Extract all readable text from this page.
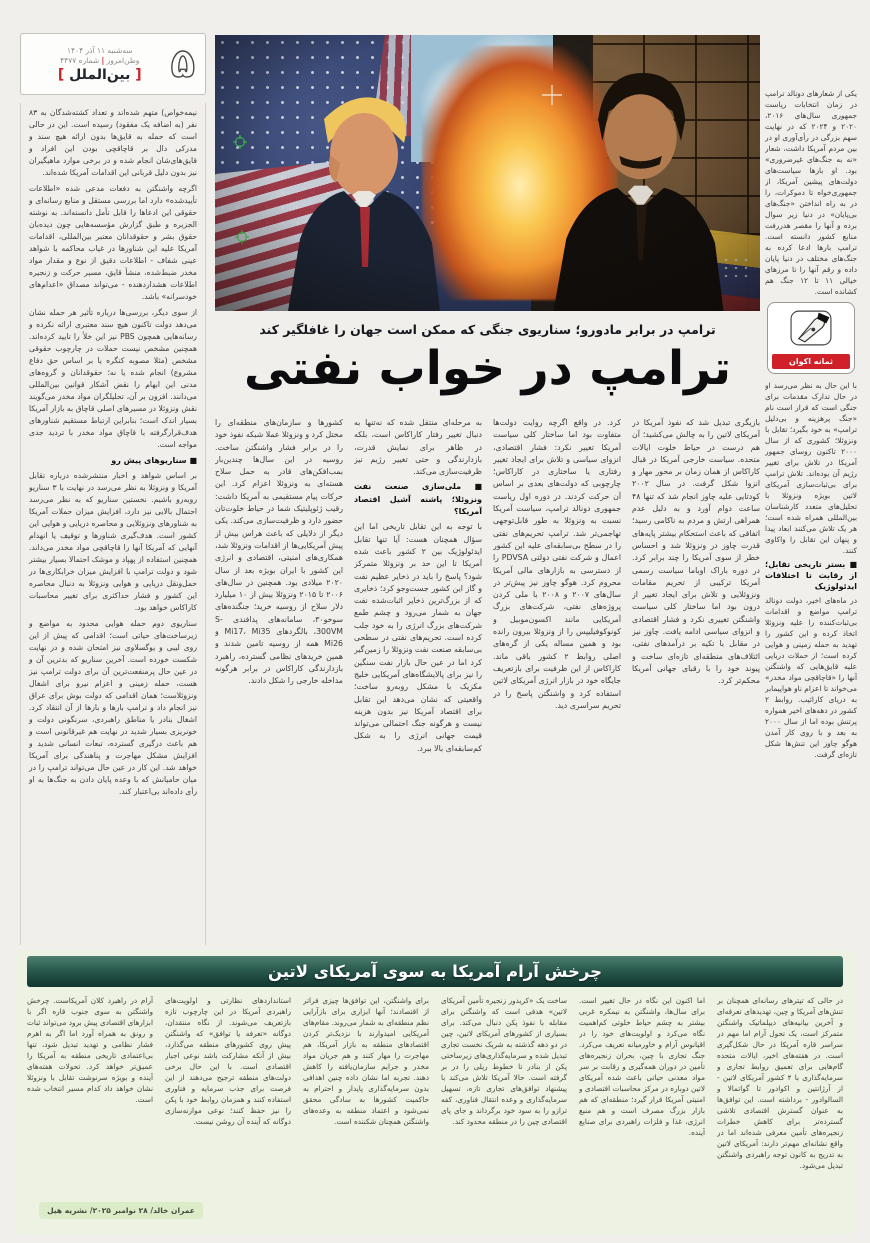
۵
سه‌شنبه ۱۱ آذر ۱۴۰۴
وطن‌امروز | شماره ۴۴۷۷
[ بین‌الملل ]

نیمه‌خواص) متهم شده‌اند و تعداد کشته‌شدگان به ۸۳ نفر (به اضافه یک مفقود) رسیده است. این در حالی است که حمله به قایق‌ها بدون ارائه هیچ سند و مدرکی دال بر قاچاقچی بودن این افراد و قایق‌های‌شان انجام شده و در برخی موارد ماهیگیران نیز بدون دلیل قربانی این اقدامات آمریکا شده‌اند.

اگرچه واشنگتن به دفعات مدعی شده «اطلاعات تأییدشده» دارد اما بررسی مستقل و منابع رسانه‌ای و حقوقی این ادعاها را قابل تأمل دانسته‌اند. به نوشته الجزیره و طبق گزارش مؤسسه‌هایی چون دیده‌بان حقوق بشر و حقوقدانان معتبر بین‌المللی، اقدامات آمریکا علیه این شناورها در غیاب محاکمه با شواهد عینی شفاف - اطلاعات دقیق از نوع و مقدار مواد مخدر ضبط‌شده، منشأ قایق، مسیر حرکت و زنجیره اطلاعات هشداردهنده - می‌تواند مصداق «اعدام‌های خودسرانه» باشد.

از سوی دیگر، بررسی‌ها درباره تأثیر هر حمله نشان می‌دهد دولت تاکنون هیچ سند معتبری ارائه نکرده و رسانه‌هایی همچون PBS نیز این خلأ را تایید کرده‌اند. همچنین مشخص نیست حملات در چارچوب حقوقی مشخص (مثلا مصوبه کنگره یا بر اساس حق دفاع مشروع) انجام شده یا نه؛ حقوقدانان و گروه‌های مدنی این ابهام را نقض آشکار قوانین بین‌المللی می‌دانند. افزون بر آن، تحلیلگران مواد مخدر می‌گویند نقش ونزوئلا در مسیرهای اصلی قاچاق به بازار آمریکا بسیار اندک است؛ بنابراین ارتباط مستقیم شناورهای هدف‌قرارگرفته با قاچاق مواد مخدر با تردید جدی مواجه است.

■ سناریوهای پیش رو

بر اساس شواهد و اخبار منتشرشده درباره تقابل آمریکا و ونزوئلا به نظر می‌رسد در نهایت با ۳ سناریو روبه‌رو باشیم. نخستین سناریو که به نظر می‌رسد احتمال بالایی نیز دارد، افزایش میزان حملات آمریکا به شناورهای ونزوئلایی و محاصره دریایی و هوایی این کشور است. هدف‌گیری شناورها و توقیف یا انهدام آنهایی که آمریکا آنها را قاچاقچی مواد مخدر می‌داند. همچنین استفاده از پهپاد و موشک احتمالا بسیار بیشتر شود و دولت ترامپ با افزایش میزان خرابکاری‌ها در حمل‌ونقل دریایی و هوایی ونزوئلا به دنبال محاصره این کشور و فشار حداکثری برای تغییر محاسبات کاراکاس خواهد بود.

سناریوی دوم حمله هوایی محدود به مواضع و زیرساخت‌های حیاتی است؛ اقدامی که پیش از این روی لیبی و یوگسلاوی نیز امتحان شده و در نهایت شکست خورده است. آخرین سناریو که بدترین آن و در عین حال پرمنفعت‌ترین آن برای دولت ترامپ نیز هست، حمله زمینی و اعزام نیرو برای اشغال ونزوئلاست؛ همان اقدامی که دولت بوش برای عراق نیز انجام داد و ترامپ بارها و بارها از آن انتقاد کرد. اشغال بنادر یا مناطق راهبردی، سرنگونی دولت و خونریزی بسیار شدید در نهایت هم غیرقانونی است و هم باعث درگیری گسترده، تبعات انسانی شدید و افزایش مشکل مهاجرت و پناهندگی برای آمریکا خواهد شد. این کار در عین حال می‌تواند ترامپ را در میان حامیانش که با وعده پایان دادن به جنگ‌ها به او رأی داده‌اند بی‌اعتبار کند.

ترامپ در برابر مادورو؛ سناریوی جنگی که ممکن است جهان را غافلگیر کند
ترامپ در خواب نفتی

یکی از شعارهای دونالد ترامپ در زمان انتخابات ریاست جمهوری سال‌های ۲۰۱۶، ۲۰۲۰ و ۲۰۲۴ که در نهایت سهم بزرگی در رأی‌آوری او در بین مردم آمریکا داشت، شعار «نه به جنگ‌های غیرضروری» بود. او بارها سیاست‌های دولت‌های پیشین آمریکا، از جمهوری‌خواه تا دموکرات، را در به راه انداختن «جنگ‌های بی‌پایان» در دنیا زیر سوال برده و آنها را مقصر هدررفت منابع کشور دانسته است. ترامپ بارها ادعا کرده به جنگ‌های مختلف در دنیا پایان داده و رقم آنها را تا مرزهای خیالی ۱۱ تا ۱۲ جنگ هم کشانده است.

ثمانه اکوان

با این حال به نظر می‌رسد او در حال تدارک مقدمات برای جنگی است که قرار است نام «جنگ پرهزینه و بی‌دلیل ترامپ» به خود بگیرد؛ تقابل با ونزوئلا؛ کشوری که از سال ۲۰۰۰ تاکنون روسای جمهور آمریکا در تلاش برای تغییر رژیم آن بوده‌اند. تلاش ترامپ برای بی‌ثبات‌سازی آمریکای لاتین بویژه ونزوئلا با تحلیل‌های متعدد کارشناسان بین‌المللی همراه شده است؛ هر یک تلاش می‌کنند ابعاد پیدا و پنهان این تقابل را واکاوی کنند.

■ بستر تاریخی تقابل؛ از رقابت تا اختلافات ایدئولوژیک

در ماه‌های اخیر، دولت دونالد ترامپ مواضع و اقدامات بی‌ثبات‌کننده را علیه ونزوئلا اتخاذ کرده و این کشور را تهدید به حمله زمینی و هوایی کرده است؛ از حملات دریایی علیه قایق‌هایی که واشنگتن آنها را «قاچاقچی مواد مخدر» می‌خواند تا اعزام ناو هواپیمابر به دریای کارائیب. روابط ۲ کشور در دهه‌های اخیر همواره پرتنش بوده اما از سال ۲۰۰۰ به بعد و با روی کار آمدن هوگو چاوز این تنش‌ها شکل تازه‌ای گرفت.

بازیگری تبدیل شد که نفوذ آمریکا در آمریکای لاتین را به چالش می‌کشید؛ آن هم درست در حیاط خلوت ایالات متحده. سیاست خارجی آمریکا در قبال کاراکاس از همان زمان بر محور مهار و انزوا شکل گرفت. در سال ۲۰۰۲ کودتایی علیه چاوز انجام شد که تنها ۴۸ ساعت دوام آورد و به دلیل عدم همراهی ارتش و مردم به ناکامی رسید؛ اتفاقی که باعث استحکام بیشتر پایه‌های قدرت چاوز در ونزوئلا شد و احساس خطر از سوی آمریکا را چند برابر کرد. در دوره باراک اوباما سیاست رسمی آمریکا ترکیبی از تحریم مقامات ونزوئلایی و تلاش برای ایجاد تغییر از درون بود اما ساختار کلی سیاست واشنگتن تغییری نکرد و فشار اقتصادی و انزوای سیاسی ادامه یافت. چاوز نیز در مقابل با تکیه بر درآمدهای نفتی، ائتلاف‌های منطقه‌ای تازه‌ای ساخت و پیوند خود را با رقبای جهانی آمریکا محکم‌تر کرد.

کرد. در واقع اگرچه روایت دولت‌ها متفاوت بود اما ساختار کلی سیاست آمریکا تغییر نکرد: فشار اقتصادی، انزوای سیاسی و تلاش برای ایجاد تغییر رفتاری یا ساختاری در کاراکاس؛ چارچوبی که دولت‌های بعدی بر اساس آن حرکت کردند. در دوره اول ریاست جمهوری دونالد ترامپ، سیاست آمریکا نسبت به ونزوئلا به طور قابل‌توجهی تهاجمی‌تر شد. ترامپ تحریم‌های نفتی را در سطح بی‌سابقه‌ای علیه این کشور اعمال و شرکت نفتی دولتی PDVSA را از دسترسی به بازارهای مالی آمریکا محروم کرد. هوگو چاوز نیز پیش‌تر در سال‌های ۲۰۰۷ و ۲۰۰۸ با ملی کردن پروژه‌های نفتی، شرکت‌های بزرگ آمریکایی مانند اکسون‌موبیل و کونوکوفیلیپس را از ونزوئلا بیرون رانده بود و همین مساله یکی از گره‌های اصلی روابط ۲ کشور باقی ماند. کاراکاس از این ظرفیت برای بازتعریف جایگاه خود در بازار انرژی آمریکای لاتین استفاده کرد و واشنگتن پاسخ را در تحریم سراسری دید.

به مرحله‌ای منتقل شده که نه‌تنها به دنبال تغییر رفتار کاراکاس است، بلکه در ظاهر برای نمایش قدرت، بازدارندگی و حتی تغییر رژیم نیز ظرفیت‌سازی می‌کند.

■ ملی‌سازی صنعت نفت ونزوئلا؛ پاشنه آشیل اقتصاد آمریکا؟

با توجه به این تقابل تاریخی اما این سؤال همچنان هست: آیا تنها تقابل ایدئولوژیک بین ۲ کشور باعث شده آمریکا تا این حد بر ونزوئلا متمرکز شود؟ پاسخ را باید در ذخایر عظیم نفت و گاز این کشور جست‌وجو کرد؛ ذخایری که از بزرگ‌ترین ذخایر اثبات‌شده نفت جهان به شمار می‌رود و چشم طمع شرکت‌های بزرگ انرژی را به خود جلب کرده است. تحریم‌های نفتی در سطحی بی‌سابقه صنعت نفت ونزوئلا را زمین‌گیر کرد اما در عین حال بازار نفت سنگین را نیز برای پالایشگاه‌های آمریکایی خلیج مکزیک با مشکل روبه‌رو ساخت؛ واقعیتی که نشان می‌دهد این تقابل برای اقتصاد آمریکا نیز بدون هزینه نیست و هرگونه جنگ احتمالی می‌تواند قیمت جهانی انرژی را به شکل کم‌سابقه‌ای بالا ببرد.

کشورها و سازمان‌های منطقه‌ای را مختل کرد و ونزوئلا عملا شبکه نفوذ خود را در برابر فشار واشنگتن ساخت. روسیه در این سال‌ها چندین‌بار بمب‌افکن‌های قادر به حمل سلاح هسته‌ای به ونزوئلا اعزام کرد. این حرکات پیام مستقیمی به آمریکا داشت: رقیب ژئوپلیتیک شما در حیاط خلوت‌تان حضور دارد و ظرفیت‌سازی می‌کند. یکی دیگر از دلایلی که باعث هراس بیش از پیش آمریکایی‌ها از اقدامات ونزوئلا شد، همکاری‌های امنیتی، اقتصادی و انرژی این کشور با ایران بویژه بعد از سال ۲۰۲۰ میلادی بود. همچنین در سال‌های ۲۰۰۶ تا ۲۰۱۵ ونزوئلا بیش از ۱۰ میلیارد دلار سلاح از روسیه خرید؛ جنگنده‌های سوخو۳۰، سامانه‌های پدافندی S-300VM، بالگردهای Mi17، Mi35 و Mi26 همه از روسیه تامین شدند و همین خریدهای نظامی گسترده، راهبرد بازدارندگی کاراکاس در برابر هرگونه مداخله خارجی را شکل دادند.

چرخش آرام آمریکا به سوی آمریکای لاتین
در حالی که تیترهای رسانه‌ای همچنان بر تنش‌های آمریکا و چین، تهدیدهای تعرفه‌ای و آخرین بیانیه‌های دیپلماتیک واشنگتن متمرکز است، یک تحول آرام اما مهم در سراسر قاره آمریکا در حال شکل‌گیری است. در هفته‌های اخیر، ایالات متحده گام‌هایی برای تعمیق روابط تجاری و سرمایه‌گذاری با ۴ کشور آمریکای لاتین - از آرژانتین و اکوادور تا گواتمالا و السالوادور - برداشته است. این توافق‌ها به عنوان گسترش اقتصادی تلاشی گسترده‌تر برای کاهش خطرات زنجیره‌های تأمین معرفی شده‌اند اما در واقع نشانه‌ای مهم‌تر دارند: آمریکای لاتین به تدریج به کانون توجه راهبردی واشنگتن تبدیل می‌شود.
اما اکنون این نگاه در حال تغییر است. برای سال‌ها، واشنگتن به نیمکره غربی بیشتر به چشم حیاط خلوتی کم‌اهمیت نگاه می‌کرد و اولویت‌های خود را در اقیانوس آرام و خاورمیانه تعریف می‌کرد. جنگ تجاری با چین، بحران زنجیره‌های تأمین در دوران همه‌گیری و رقابت بر سر مواد معدنی حیاتی باعث شده آمریکای لاتین دوباره در مرکز محاسبات اقتصادی و امنیتی آمریکا قرار گیرد؛ منطقه‌ای که هم بازار بزرگ مصرف است و هم منبع انرژی، غذا و فلزات راهبردی برای صنایع آینده.
ساخت یک «کریدور زنجیره تأمین آمریکای لاتین» هدفی است که واشنگتن برای مقابله با نفوذ پکن دنبال می‌کند. برای بسیاری از کشورهای آمریکای لاتین، چین در دو دهه گذشته به شریک نخست تجاری تبدیل شده و سرمایه‌گذاری‌های زیرساختی پکن از بنادر تا خطوط ریلی را در بر گرفته است. حالا آمریکا تلاش می‌کند با پیشنهاد توافق‌های تجاری تازه، تسهیل سرمایه‌گذاری و وعده انتقال فناوری، کفه ترازو را به سود خود برگرداند و جای پای اقتصادی چین را در منطقه محدود کند.
برای واشنگتن، این توافق‌ها چیزی فراتر از اقتصادند؛ آنها ابزاری برای بازآرایی نظم منطقه‌ای به شمار می‌روند. مقام‌های آمریکایی امیدوارند با نزدیک‌تر کردن اقتصادهای منطقه به بازار آمریکا، هم مهاجرت را مهار کنند و هم جریان مواد مخدر و جرایم سازمان‌یافته را کاهش دهند. تجربه اما نشان داده چنین اهدافی بدون سرمایه‌گذاری پایدار و احترام به حاکمیت کشورها به سادگی محقق نمی‌شود و اعتماد منطقه به وعده‌های واشنگتن همچنان شکننده است.
استانداردهای نظارتی و اولویت‌های راهبردی آمریکا در این چارچوب تازه بازتعریف می‌شوند. از نگاه منتقدان، دوگانه «تعرفه یا توافق» که واشنگتن پیش روی کشورهای منطقه می‌گذارد، بیش از آنکه مشارکت باشد نوعی اجبار اقتصادی است. با این حال برخی دولت‌های منطقه ترجیح می‌دهند از این فرصت برای جذب سرمایه و فناوری استفاده کنند و همزمان روابط خود با پکن را نیز حفظ کنند؛ نوعی موازنه‌سازی دوگانه که آینده آن روشن نیست.
آرام در راهبرد کلان آمریکاست. چرخش واشنگتن به سوی جنوب قاره اگر با ابزارهای اقتصادی پیش برود می‌تواند ثبات و رونق به همراه آورد اما اگر به اهرم فشار نظامی و تهدید تبدیل شود، تنها بی‌اعتمادی تاریخی منطقه به آمریکا را عمیق‌تر خواهد کرد. تحولات هفته‌های آینده و بویژه سرنوشت تقابل با ونزوئلا نشان خواهد داد کدام مسیر انتخاب شده است.
عمران خالد/ ۲۸ نوامبر ۲۰۲۵/ نشریه هیل
